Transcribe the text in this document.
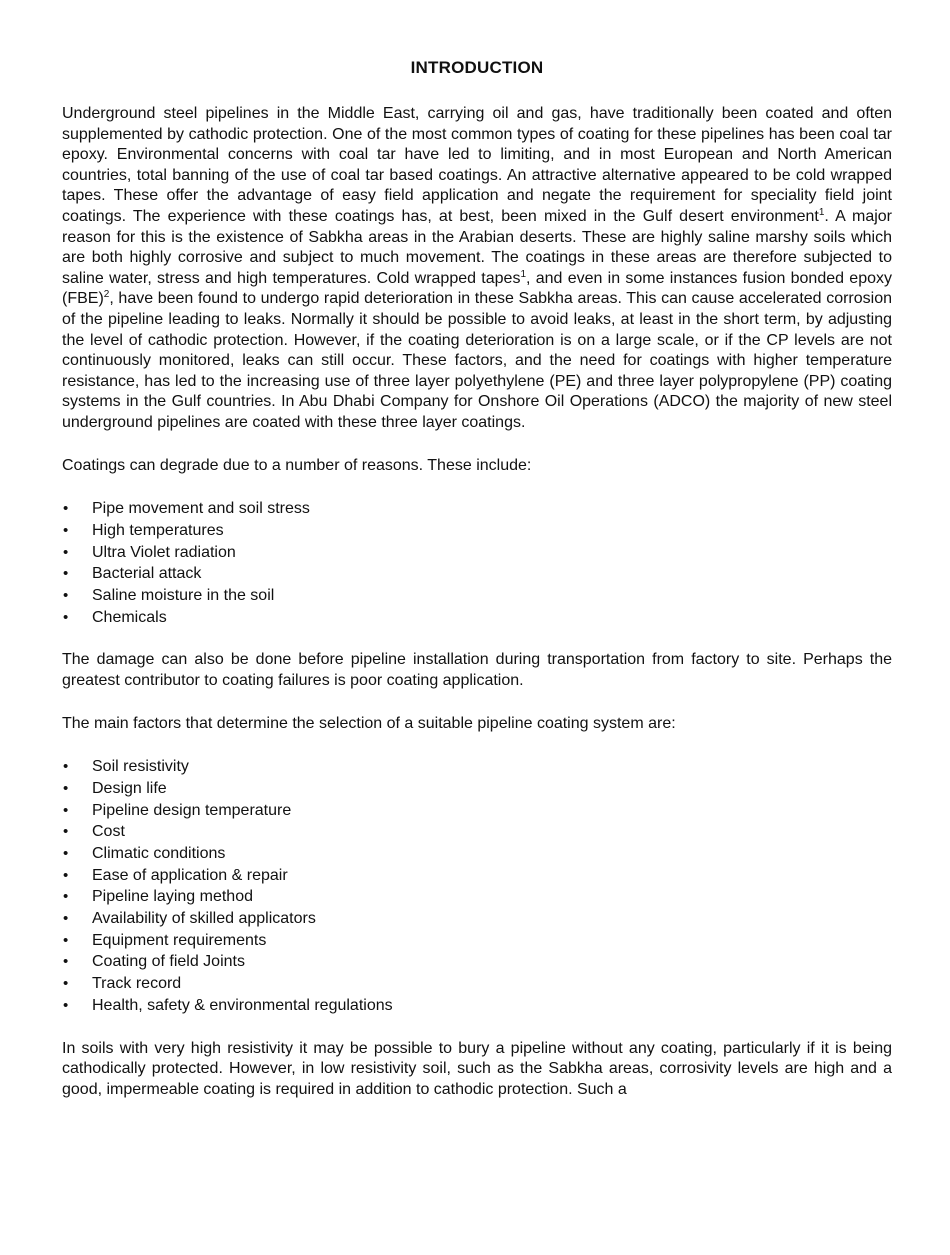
INTRODUCTION

Underground steel pipelines in the Middle East, carrying oil and gas, have traditionally been coated and often supplemented by cathodic protection. One of the most common types of coating for these pipelines has been coal tar epoxy. Environmental concerns with coal tar have led to limiting, and in most European and North American countries, total banning of the use of coal tar based coatings. An attractive alternative appeared to be cold wrapped tapes. These offer the advantage of easy field application and negate the requirement for speciality field joint coatings. The experience with these coatings has, at best, been mixed in the Gulf desert environment$^1$. A major reason for this is the existence of Sabkha areas in the Arabian deserts. These are highly saline marshy soils which are both highly corrosive and subject to much movement. The coatings in these areas are therefore subjected to saline water, stress and high temperatures. Cold wrapped tapes$^1$, and even in some instances fusion bonded epoxy (FBE)$^2$, have been found to undergo rapid deterioration in these Sabkha areas. This can cause accelerated corrosion of the pipeline leading to leaks. Normally it should be possible to avoid leaks, at least in the short term, by adjusting the level of cathodic protection. However, if the coating deterioration is on a large scale, or if the CP levels are not continuously monitored, leaks can still occur. These factors, and the need for coatings with higher temperature resistance, has led to the increasing use of three layer polyethylene (PE) and three layer polypropylene (PP) coating systems in the Gulf countries. In Abu Dhabi Company for Onshore Oil Operations (ADCO) the majority of new steel underground pipelines are coated with these three layer coatings.

Coatings can degrade due to a number of reasons. These include:

• Pipe movement and soil stress
• High temperatures
• Ultra Violet radiation
• Bacterial attack
• Saline moisture in the soil
• Chemicals

The damage can also be done before pipeline installation during transportation from factory to site. Perhaps the greatest contributor to coating failures is poor coating application.

The main factors that determine the selection of a suitable pipeline coating system are:

• Soil resistivity
• Design life
• Pipeline design temperature
• Cost
• Climatic conditions
• Ease of application & repair
• Pipeline laying method
• Availability of skilled applicators
• Equipment requirements
• Coating of field Joints
• Track record
• Health, safety & environmental regulations

In soils with very high resistivity it may be possible to bury a pipeline without any coating, particularly if it is being cathodically protected. However, in low resistivity soil, such as the Sabkha areas, corrosivity levels are high and a good, impermeable coating is required in addition to cathodic protection. Such a
